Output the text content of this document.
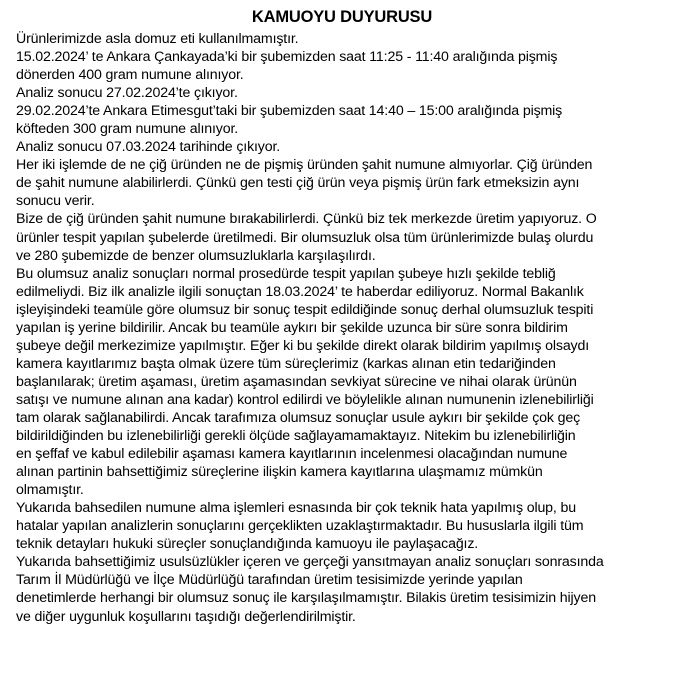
KAMUOYU DUYURUSU
Ürünlerimizde asla domuz eti kullanılmamıştır.
15.02.2024’ te Ankara Çankayada’ki bir şubemizden saat 11:25 - 11:40 aralığında pişmiş
dönerden 400 gram numune alınıyor.
Analiz sonucu 27.02.2024’te çıkıyor.
29.02.2024’te Ankara Etimesgut’taki bir şubemizden saat 14:40 – 15:00 aralığında pişmiş
köfteden 300 gram numune alınıyor.
Analiz sonucu 07.03.2024 tarihinde çıkıyor.
Her iki işlemde de ne çiğ üründen ne de pişmiş üründen şahit numune almıyorlar. Çiğ üründen
de şahit numune alabilirlerdi. Çünkü gen testi çiğ ürün veya pişmiş ürün fark etmeksizin aynı
sonucu verir.
Bize de çiğ üründen şahit numune bırakabilirlerdi. Çünkü biz tek merkezde üretim yapıyoruz. O
ürünler tespit yapılan şubelerde üretilmedi. Bir olumsuzluk olsa tüm ürünlerimizde bulaş olurdu
ve 280 şubemizde de benzer olumsuzluklarla karşılaşılırdı.
Bu olumsuz analiz sonuçları normal prosedürde tespit yapılan şubeye hızlı şekilde tebliğ
edilmeliydi. Biz ilk analizle ilgili sonuçtan 18.03.2024’ te haberdar ediliyoruz. Normal Bakanlık
işleyişindeki teamüle göre olumsuz bir sonuç tespit edildiğinde sonuç derhal olumsuzluk tespiti
yapılan iş yerine bildirilir. Ancak bu teamüle aykırı bir şekilde uzunca bir süre sonra bildirim
şubeye değil merkezimize yapılmıştır. Eğer ki bu şekilde direkt olarak bildirim yapılmış olsaydı
kamera kayıtlarımız başta olmak üzere tüm süreçlerimiz (karkas alınan etin tedariğinden
başlanılarak; üretim aşaması, üretim aşamasından sevkiyat sürecine ve nihai olarak ürünün
satışı ve numune alınan ana kadar) kontrol edilirdi ve böylelikle alınan numunenin izlenebilirliği
tam olarak sağlanabilirdi. Ancak tarafımıza olumsuz sonuçlar usule aykırı bir şekilde çok geç
bildirildiğinden bu izlenebilirliği gerekli ölçüde sağlayamamaktayız. Nitekim bu izlenebilirliğin
en şeffaf ve kabul edilebilir aşaması kamera kayıtlarının incelenmesi olacağından numune
alınan partinin bahsettiğimiz süreçlerine ilişkin kamera kayıtlarına ulaşmamız mümkün
olmamıştır.
Yukarıda bahsedilen numune alma işlemleri esnasında bir çok teknik hata yapılmış olup, bu
hatalar yapılan analizlerin sonuçlarını gerçeklikten uzaklaştırmaktadır. Bu hususlarla ilgili tüm
teknik detayları hukuki süreçler sonuçlandığında kamuoyu ile paylaşacağız.
Yukarıda bahsettiğimiz usulsüzlükler içeren ve gerçeği yansıtmayan analiz sonuçları sonrasında
Tarım İl Müdürlüğü ve İlçe Müdürlüğü tarafından üretim tesisimizde yerinde yapılan
denetimlerde herhangi bir olumsuz sonuç ile karşılaşılmamıştır. Bilakis üretim tesisimizin hijyen
ve diğer uygunluk koşullarını taşıdığı değerlendirilmiştir.
